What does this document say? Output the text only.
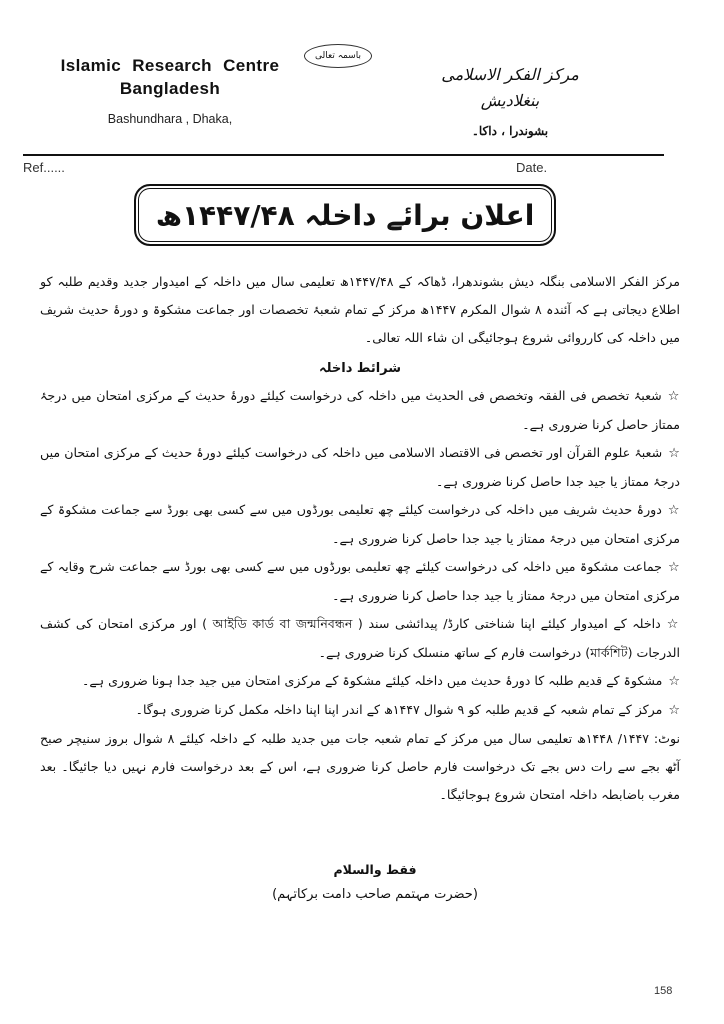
Islamic Research Centre
Bangladesh
Bashundhara , Dhaka,
باسمہ تعالی
مرکز الفکر الاسلامی بنغلادیش
بشوندرا ، داکا۔
Ref......	Date.
اعلان برائے داخلہ ۱۴۴۷/۴۸ھ

مرکز الفکر الاسلامی بنگلہ دیش بشوندھرا، ڈھاکہ کے ۱۴۴۷/۴۸ھ تعلیمی سال میں داخلہ کے امیدوار جدید وقدیم طلبہ کو اطلاع دیجاتی ہے کہ آئندہ ۸ شوال المکرم ۱۴۴۷ھ مرکز کے تمام شعبۂ تخصصات اور جماعت مشکوۃ و دورۂ حدیث شریف میں داخلہ کی کارروائی شروع ہوجائیگی ان شاء اللہ تعالی۔

شرائط داخلہ

☆شعبۂ تخصص فی الفقہ وتخصص فی الحدیث میں داخلہ کی درخواست کیلئے دورۂ حدیث کے مرکزی امتحان میں درجۂ ممتاز حاصل کرنا ضروری ہے۔

☆شعبۂ علوم القرآن اور تخصص فی الاقتصاد الاسلامی میں داخلہ کی درخواست کیلئے دورۂ حدیث کے مرکزی امتحان میں درجۂ ممتاز یا جید جدا حاصل کرنا ضروری ہے۔

☆دورۂ حدیث شریف میں داخلہ کی درخواست کیلئے چھ تعلیمی بورڈوں میں سے کسی بھی بورڈ سے جماعت مشکوۃ کے مرکزی امتحان میں درجۂ ممتاز یا جید جدا حاصل کرنا ضروری ہے۔

☆جماعت مشکوۃ میں داخلہ کی درخواست کیلئے چھ تعلیمی بورڈوں میں سے کسی بھی بورڈ سے جماعت شرح وقایہ کے مرکزی امتحان میں درجۂ ممتاز یا جید جدا حاصل کرنا ضروری ہے۔

☆داخلہ کے امیدوار کیلئے اپنا شناختی کارڈ/ پیدائشی سند ( আইডি কার্ড বা জন্মনিবন্ধন ) اور مرکزی امتحان کی کشف الدرجات (মার্কশিট) درخواست فارم کے ساتھ منسلک کرنا ضروری ہے۔

☆مشکوۃ کے قدیم طلبہ کا دورۂ حدیث میں داخلہ کیلئے مشکوۃ کے مرکزی امتحان میں جید جدا ہونا ضروری ہے۔

☆مرکز کے تمام شعبہ کے قدیم طلبہ کو ۹ شوال ۱۴۴۷ھ کے اندر اپنا اپنا داخلہ مکمل کرنا ضروری ہوگا۔

نوٹ: ۱۴۴۷/ ۱۴۴۸ھ تعلیمی سال میں مرکز کے تمام شعبہ جات میں جدید طلبہ کے داخلہ کیلئے ۸ شوال بروز سنیچر صبح آٹھ بجے سے رات دس بجے تک درخواست فارم حاصل کرنا ضروری ہے، اس کے بعد درخواست فارم نہیں دیا جائیگا۔ بعد مغرب باضابطہ داخلہ امتحان شروع ہوجائیگا۔

فقط والسلام
(حضرت مہتمم صاحب دامت برکاتہم)
158
